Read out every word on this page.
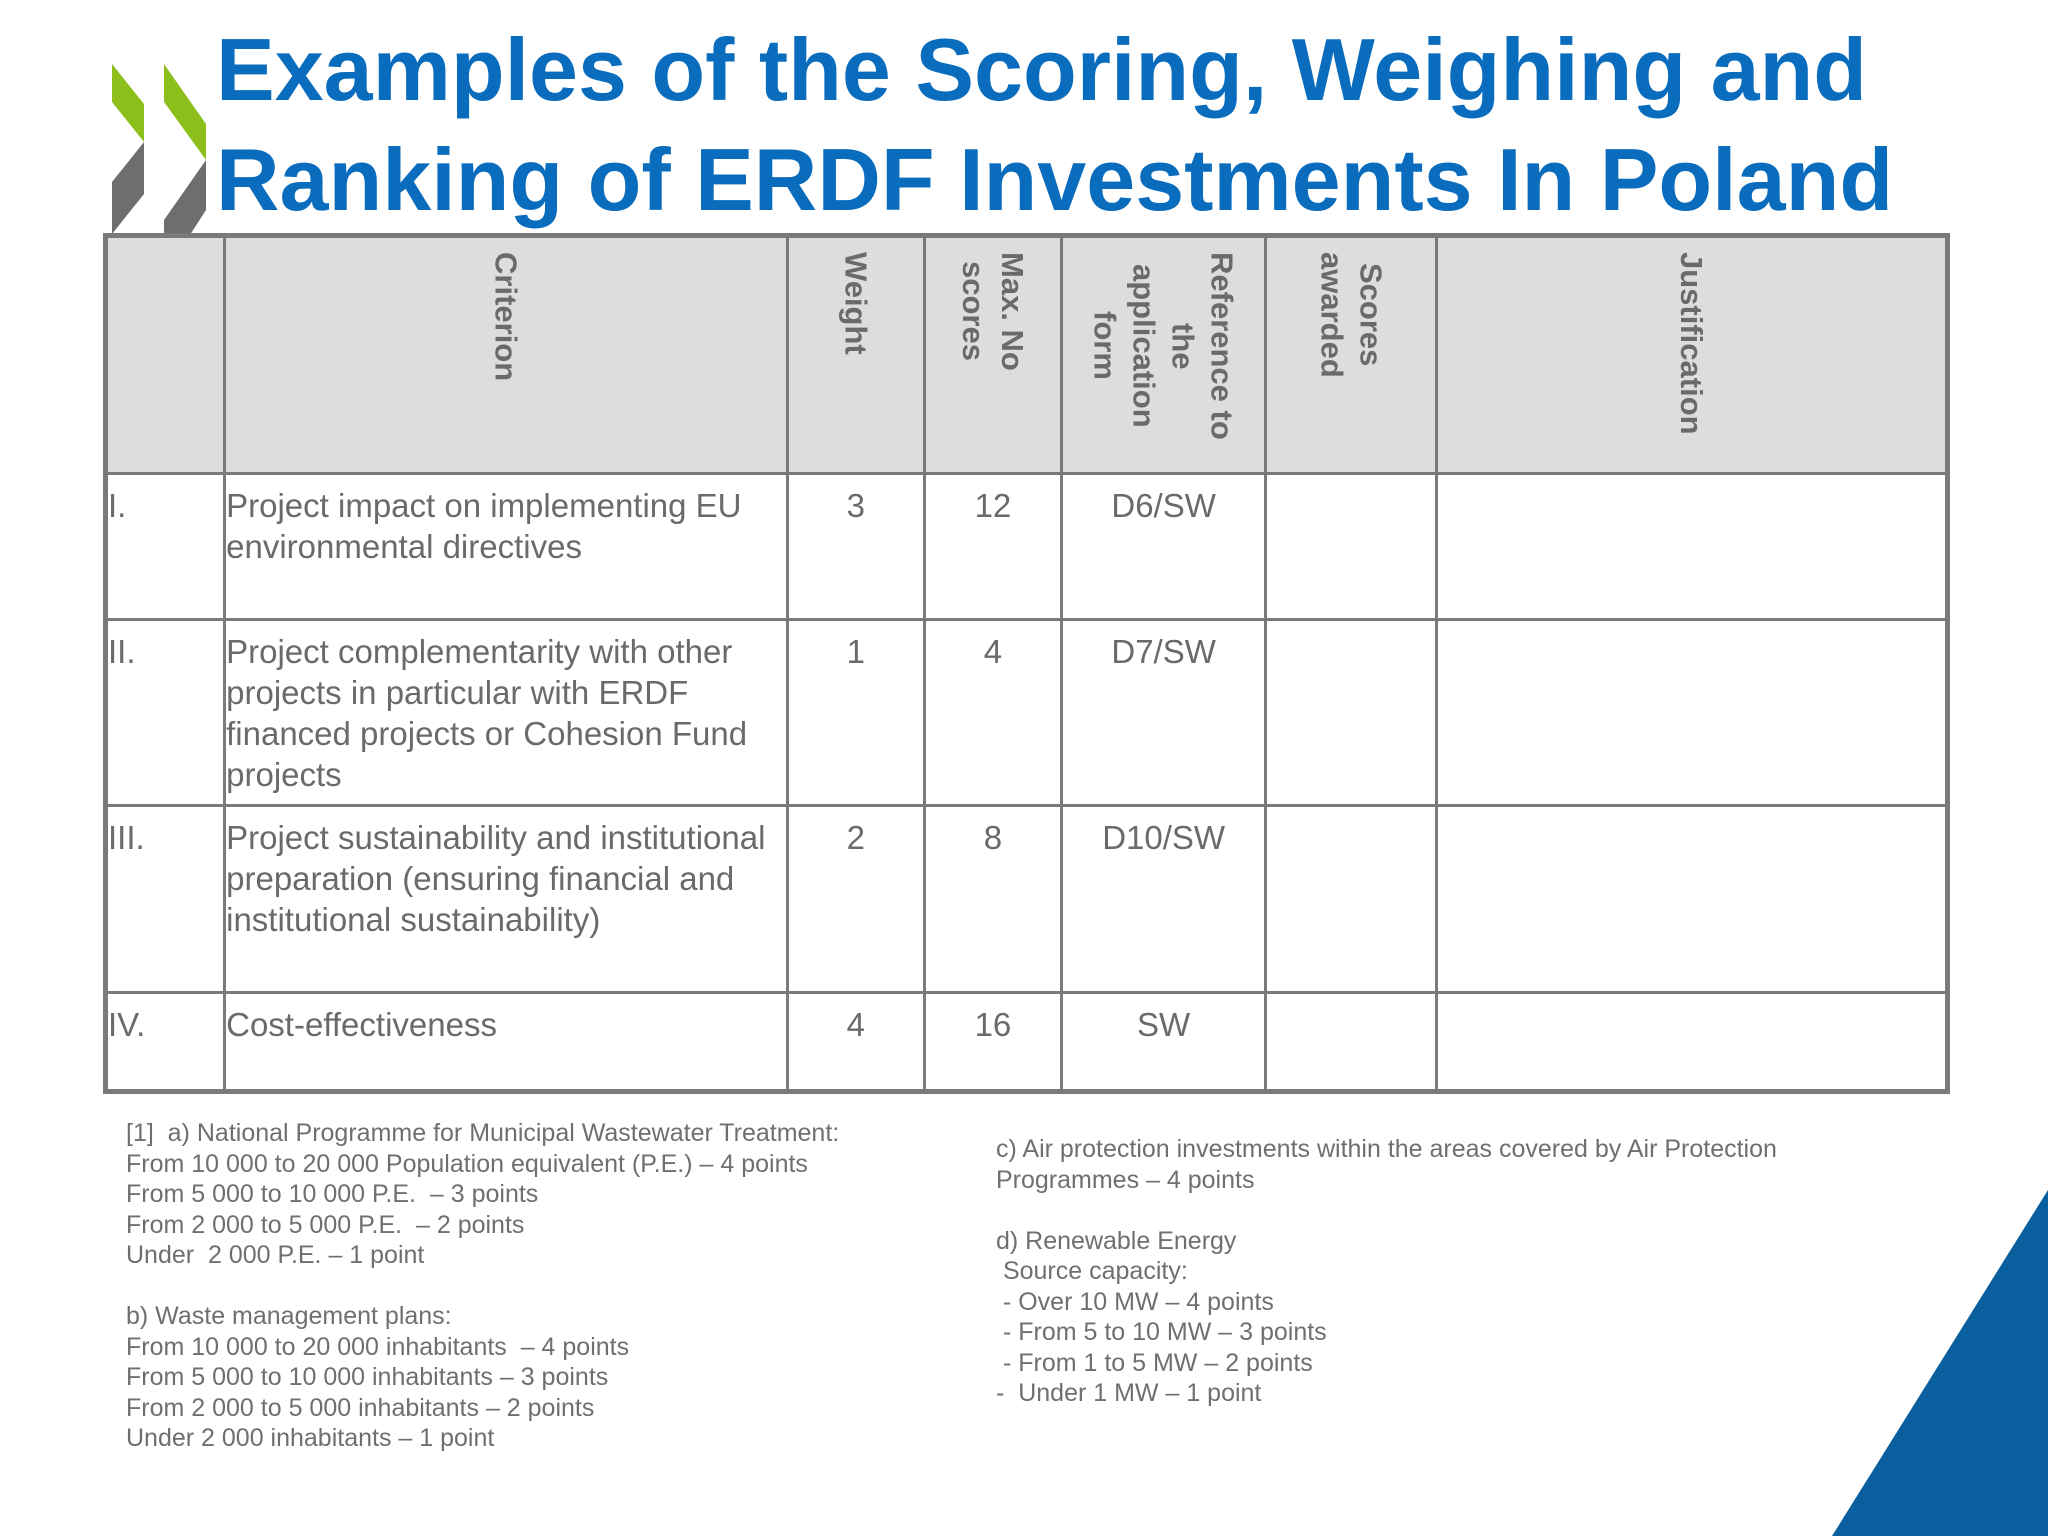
Examples of the Scoring, Weighing and
Ranking of ERDF Investments In Poland

	Criterion	Weight	Max. No
scores	Reference to
the
application
form	Scores
awarded	Justification

I.	Project impact on implementing EU environmental directives	3	12	D6/SW		
II.	Project complementarity with other projects in particular with ERDF financed projects or Cohesion Fund projects	1	4	D7/SW		
III.	Project sustainability and institutional preparation (ensuring financial and institutional sustainability)	2	8	D10/SW		
IV.	Cost-effectiveness	4	16	SW		

[1]  a) National Programme for Municipal Wastewater Treatment:
From 10 000 to 20 000 Population equivalent (P.E.) – 4 points
From 5 000 to 10 000 P.E.  – 3 points
From 2 000 to 5 000 P.E.  – 2 points
Under  2 000 P.E. – 1 point

b) Waste management plans:
From 10 000 to 20 000 inhabitants  – 4 points
From 5 000 to 10 000 inhabitants – 3 points
From 2 000 to 5 000 inhabitants – 2 points
Under 2 000 inhabitants – 1 point

c) Air protection investments within the areas covered by Air Protection
Programmes – 4 points

d) Renewable Energy
Source capacity:
- Over 10 MW – 4 points
- From 5 to 10 MW – 3 points
- From 1 to 5 MW – 2 points
-  Under 1 MW – 1 point
